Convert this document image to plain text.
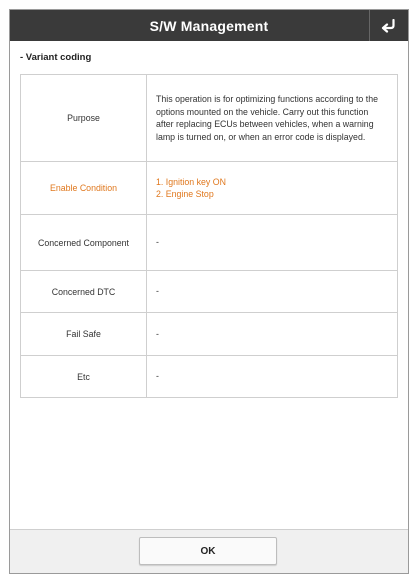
S/W Management
- Variant coding
Purpose	This operation is for optimizing functions according to the options mounted on the vehicle. Carry out this function after replacing ECUs between vehicles, when a warning lamp is turned on, or when an error code is displayed.
Enable Condition	1. Ignition key ON
2. Engine Stop

Concerned Component	-
Concerned DTC	-
Fail Safe	-
Etc	-
OK
